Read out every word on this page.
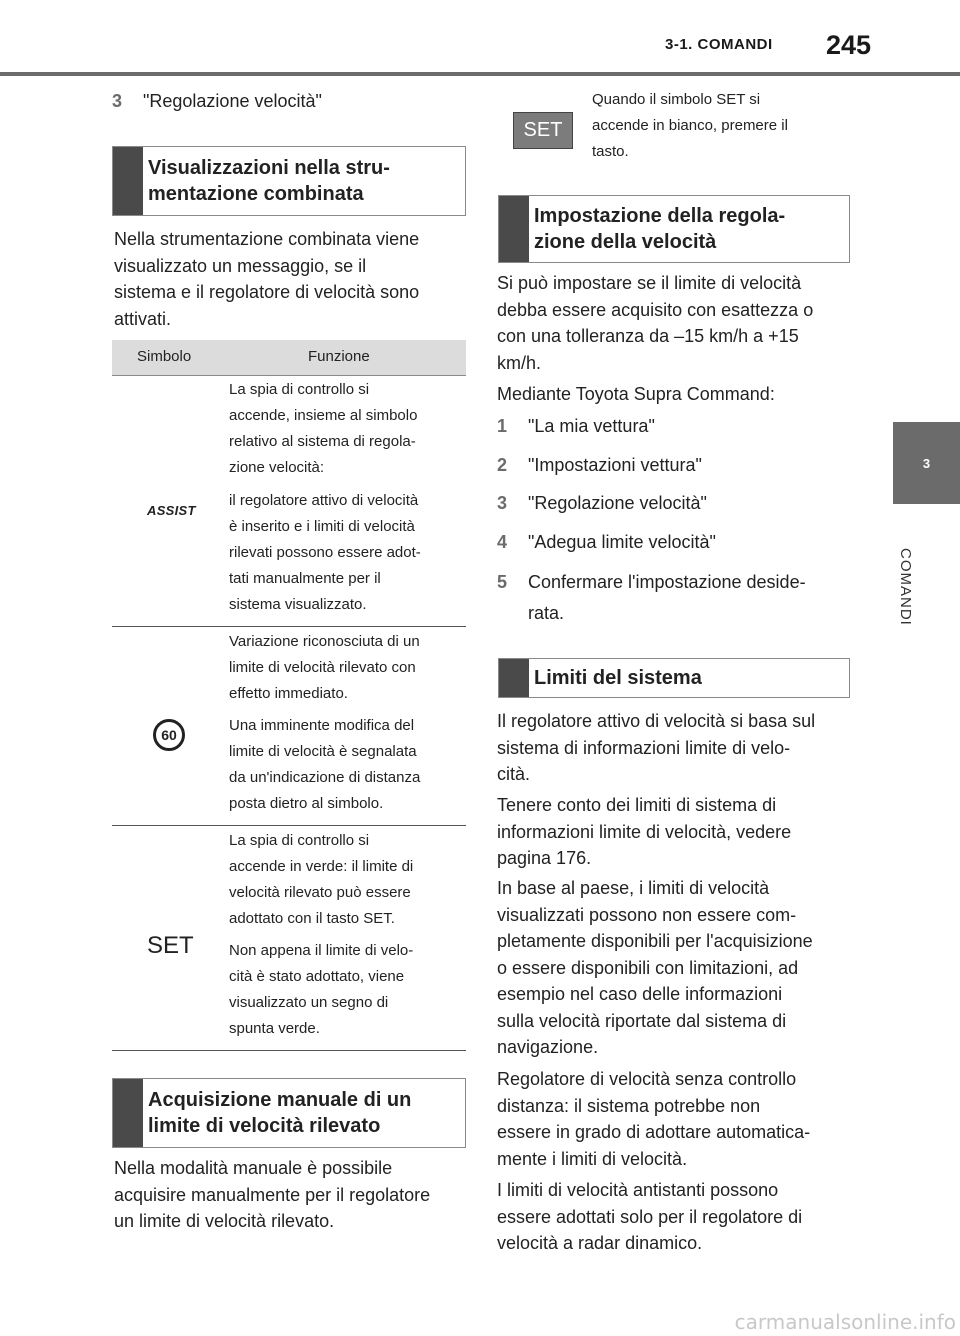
3-1. COMANDI 245
3
COMANDI
3 "Regolazione velocità"
Visualizzazioni nella stru-
mentazione combinata
Nella strumentazione combinata viene
visualizzato un messaggio, se il
sistema e il regolatore di velocità sono
attivati.
Simbolo	Funzione
ASSIST
La spia di controllo si
accende, insieme al simbolo
relativo al sistema di regola-
zione velocità:
il regolatore attivo di velocità
è inserito e i limiti di velocità
rilevati possono essere adot-
tati manualmente per il
sistema visualizzato.
60
Variazione riconosciuta di un
limite di velocità rilevato con
effetto immediato.
Una imminente modifica del
limite di velocità è segnalata
da un'indicazione di distanza
posta dietro al simbolo.
SET
La spia di controllo si
accende in verde: il limite di
velocità rilevato può essere
adottato con il tasto SET.
Non appena il limite di velo-
cità è stato adottato, viene
visualizzato un segno di
spunta verde.
Acquisizione manuale di un
limite di velocità rilevato
Nella modalità manuale è possibile
acquisire manualmente per il regolatore
un limite di velocità rilevato.
SET
Quando il simbolo SET si
accende in bianco, premere il
tasto.
Impostazione della regola-
zione della velocità
Si può impostare se il limite di velocità
debba essere acquisito con esattezza o
con una tolleranza da –15 km/h a +15
km/h.
Mediante Toyota Supra Command:
1 "La mia vettura"
2 "Impostazioni vettura"
3 "Regolazione velocità"
4 "Adegua limite velocità"
5 Confermare l'impostazione deside-
rata.
Limiti del sistema
Il regolatore attivo di velocità si basa sul
sistema di informazioni limite di velo-
cità.
Tenere conto dei limiti di sistema di
informazioni limite di velocità, vedere
pagina 176.
In base al paese, i limiti di velocità
visualizzati possono non essere com-
pletamente disponibili per l'acquisizione
o essere disponibili con limitazioni, ad
esempio nel caso delle informazioni
sulla velocità riportate dal sistema di
navigazione.
Regolatore di velocità senza controllo
distanza: il sistema potrebbe non
essere in grado di adottare automatica-
mente i limiti di velocità.
I limiti di velocità antistanti possono
essere adottati solo per il regolatore di
velocità a radar dinamico.
carmanualsonline.info
